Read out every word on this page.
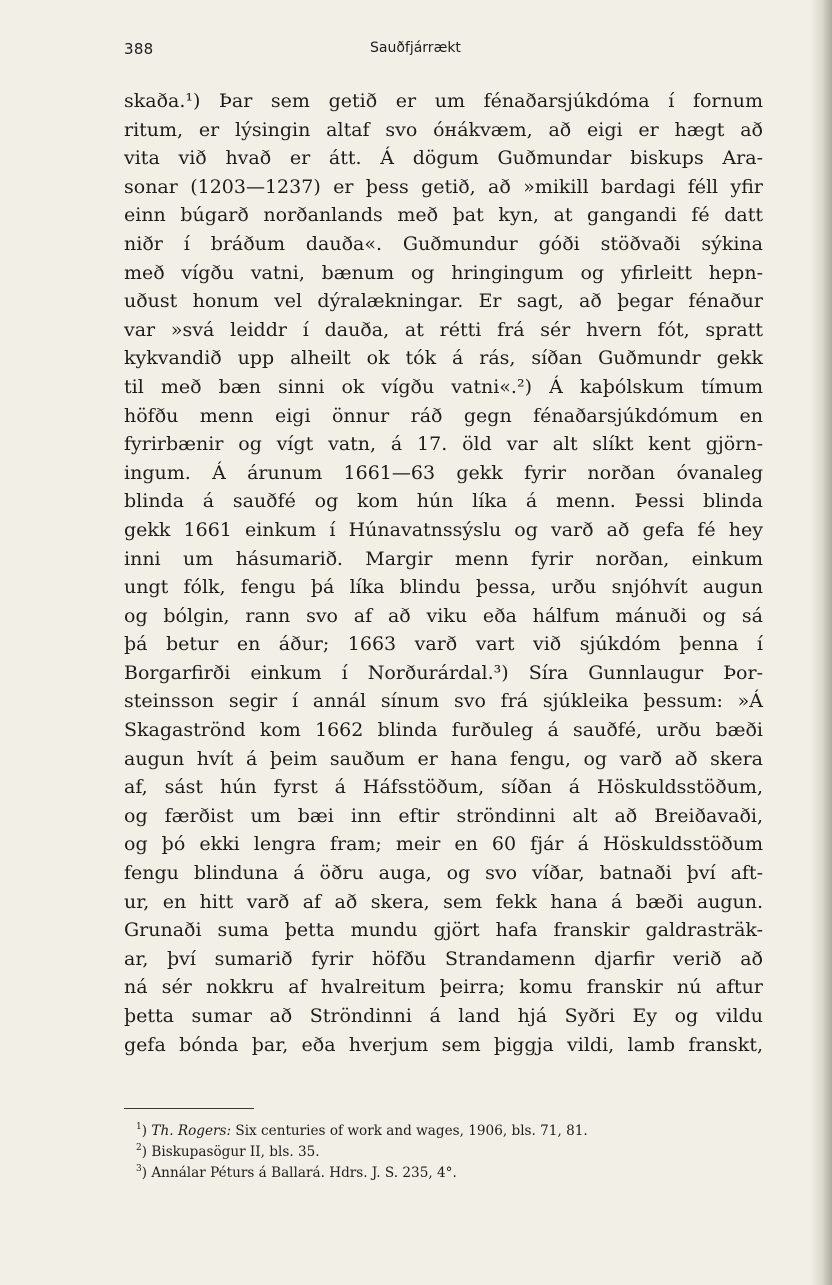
388	Sauðfjárrækt
skaða.¹) Þar sem getið er um fénaðarsjúkdóma í fornum
ritum, er lýsingin altaf svo óнákvæm, að eigi er hægt að
vita við hvað er átt. Á dögum Guðmundar biskups Ara-
sonar (1203—1237) er þess getið, að »mikill bardagi féll yfir
einn búgarð norðanlands með þat kyn, at gangandi fé datt
niðr í bráðum dauða«. Guðmundur góði stöðvaði sýkina
með vígðu vatni, bænum og hringingum og yfirleitt hepn-
uðust honum vel dýralækningar. Er sagt, að þegar fénaður
var »svá leiddr í dauða, at rétti frá sér hvern fót, spratt
kykvandið upp alheilt ok tók á rás, síðan Guðmundr gekk
til með bæn sinni ok vígðu vatni«.²) Á kaþólskum tímum
höfðu menn eigi önnur ráð gegn fénaðarsjúkdómum en
fyrirbænir og vígt vatn, á 17. öld var alt slíkt kent gjörn-
ingum. Á árunum 1661—63 gekk fyrir norðan óvanaleg
blinda á sauðfé og kom hún líka á menn. Þessi blinda
gekk 1661 einkum í Húnavatnssýslu og varð að gefa fé hey
inni um hásumarið. Margir menn fyrir norðan, einkum
ungt fólk, fengu þá líka blindu þessa, urðu snjóhvít augun
og bólgin, rann svo af að viku eða hálfum mánuði og sá
þá betur en áður; 1663 varð vart við sjúkdóm þenna í
Borgarfirði einkum í Norðurárdal.³) Síra Gunnlaugur Þor-
steinsson segir í annál sínum svo frá sjúkleika þessum: »Á
Skagaströnd kom 1662 blinda furðuleg á sauðfé, urðu bæði
augun hvít á þeim sauðum er hana fengu, og varð að skera
af, sást hún fyrst á Háfsstöðum, síðan á Höskuldsstöðum,
og færðist um bæi inn eftir ströndinni alt að Breiðavaði,
og þó ekki lengra fram; meir en 60 fjár á Höskuldsstöðum
fengu blinduna á öðru auga, og svo víðar, batnaði því aft-
ur, en hitt varð af að skera, sem fekk hana á bæði augun.
Grunaði suma þetta mundu gjört hafa franskir galdrasträk-
ar, því sumarið fyrir höfðu Strandamenn djarfir verið að
ná sér nokkru af hvalreitum þeirra; komu franskir nú aftur
þetta sumar að Ströndinni á land hjá Syðri Ey og vildu
gefa bónda þar, eða hverjum sem þiggja vildi, lamb franskt,
$^1$) Th. Rogers: Six centuries of work and wages, 1906, bls. 71, 81.
$^2$) Biskupasögur II, bls. 35.
$^3$) Annálar Péturs á Ballará. Hdrs. J. S. 235, 4°.
